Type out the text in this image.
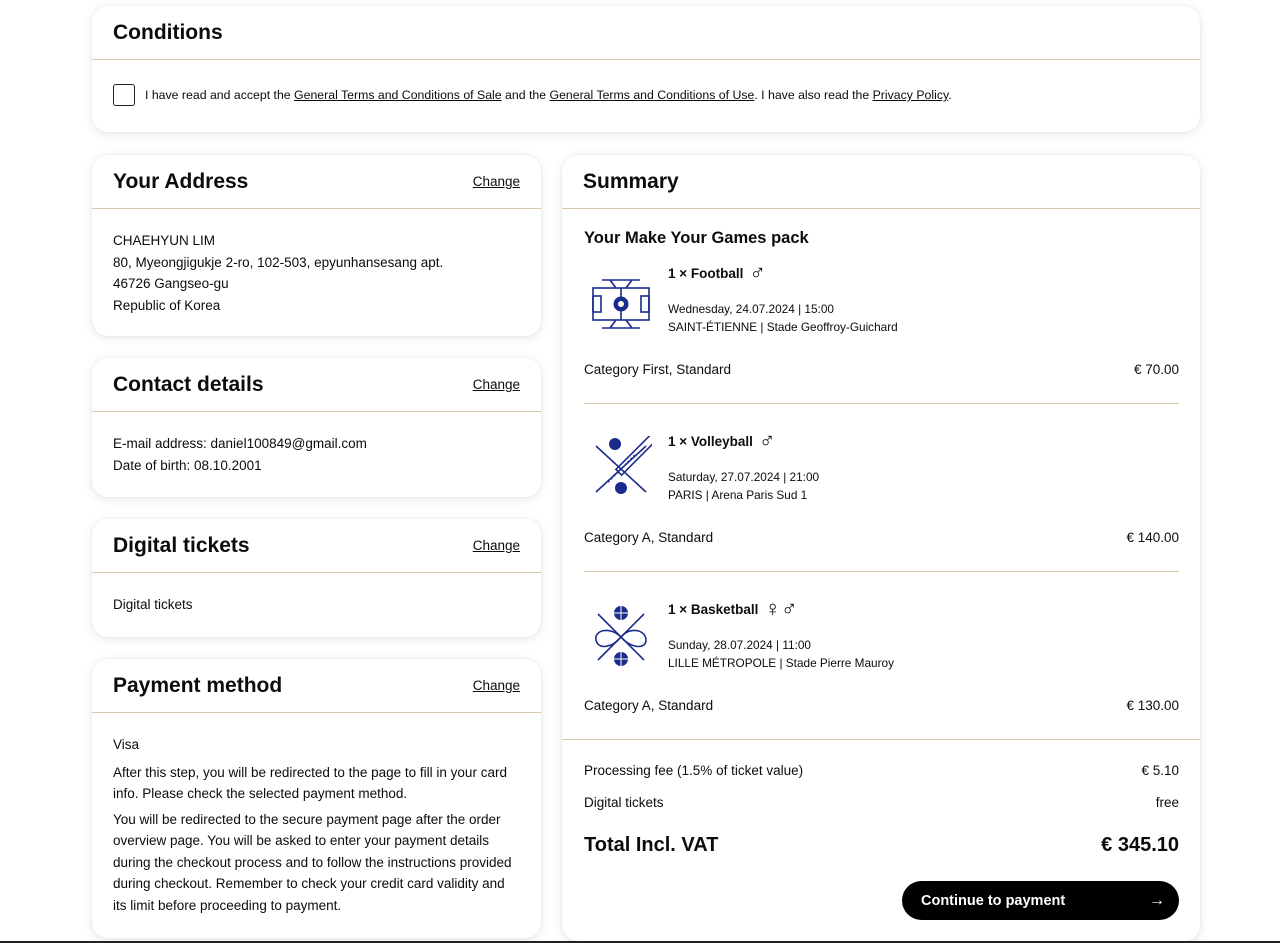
Conditions
I have read and accept the General Terms and Conditions of Sale and the General Terms and Conditions of Use. I have also read the Privacy Policy.
Your Address	Change
CHAEHYUN LIM
80, Myeongjigukje 2-ro, 102-503, epyunhansesang apt.
46726 Gangseo-gu
Republic of Korea
Contact details	Change
E-mail address: daniel100849@gmail.com
Date of birth: 08.10.2001
Digital tickets	Change
Digital tickets
Payment method	Change

Visa

After this step, you will be redirected to the page to fill in your card info. Please check the selected payment method.

You will be redirected to the secure payment page after the order overview page. You will be asked to enter your payment details during the checkout process and to follow the instructions provided during checkout. Remember to check your credit card validity and its limit before proceeding to payment.

Summary
Your Make Your Games pack
1 × Football ♂
Wednesday, 24.07.2024 | 15:00
SAINT-ÉTIENNE | Stade Geoffroy-Guichard
Category First, Standard	€ 70.00
1 × Volleyball ♂
Saturday, 27.07.2024 | 21:00
PARIS | Arena Paris Sud 1
Category A, Standard	€ 140.00
1 × Basketball ♀♂
Sunday, 28.07.2024 | 11:00
LILLE MÉTROPOLE | Stade Pierre Mauroy
Category A, Standard	€ 130.00
Processing fee (1.5% of ticket value)	€ 5.10
Digital tickets	free
Total Incl. VAT	€ 345.10
Continue to payment	→
